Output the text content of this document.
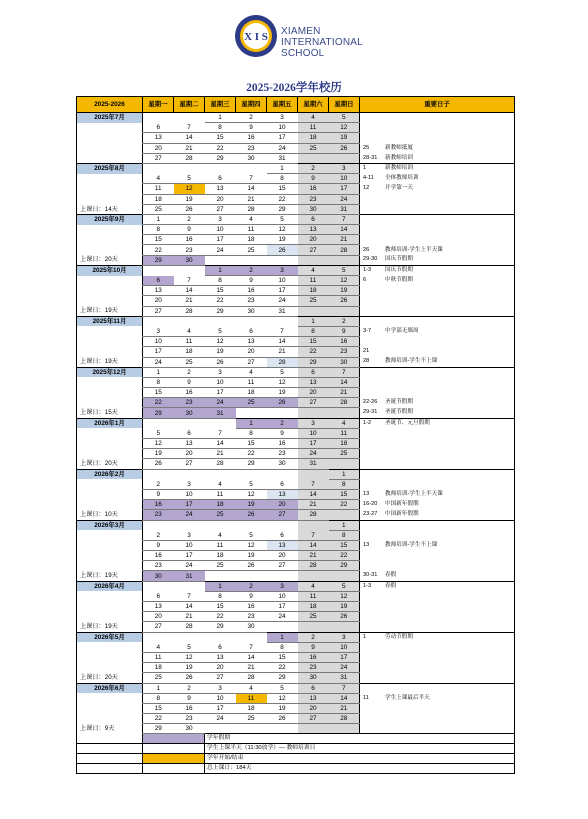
X I S XIAMEN
INTERNATIONAL
SCHOOL
2025-2026学年校历
2025-2026	星期一	星期二	星期三	星期四	星期五	星期六	星期日	重要日子
2025年7月			1	2	3	4	5	
	6	7	8	9	10	11	12	
	13	14	15	16	17	18	19	
	20	21	22	23	24	25	26	25 新教师抵厦
	27	28	29	30	31			28-31 新教师培训
2025年8月					1	2	3	1 新教师培训
	4	5	6	7	8	9	10	4-11 全体教师培训
	11	12	13	14	15	16	17	12 开学第一天
	18	19	20	21	22	23	24	
上课日：14天	25	26	27	28	29	30	31	
2025年9月	1	2	3	4	5	6	7	
	8	9	10	11	12	13	14	
	15	16	17	18	19	20	21	
	22	23	24	25	26	27	28	26 教师培训-学生上半天课
上课日：20天	29	30						29-30 国庆节假期
2025年10月			1	2	3	4	5	1-3 国庆节假期
	6	7	8	9	10	11	12	6 中秋节假期
	13	14	15	16	17	18	19	
	20	21	22	23	24	25	26	
上课日：19天	27	28	29	30	31			
2025年11月						1	2	
	3	4	5	6	7	8	9	3-7 中学部无墙周
	10	11	12	13	14	15	16	
	17	18	19	20	21	22	23	21
上课日：19天	24	25	26	27	28	29	30	28 教师培训-学生不上课
2025年12月	1	2	3	4	5	6	7	
	8	9	10	11	12	13	14	
	15	16	17	18	19	20	21	
	22	23	24	25	26	27	28	22-26 圣诞节假期
上课日：15天	29	30	31					29-31 圣诞节假期
2026年1月				1	2	3	4	1-2 圣诞节、元旦假期
	5	6	7	8	9	10	11	
	12	13	14	15	16	17	18	
	19	20	21	22	23	24	25	
上课日：20天	26	27	28	29	30	31		
2026年2月							1	
	2	3	4	5	6	7	8	
	9	10	11	12	13	14	15	13 教师培训-学生上半天课
	16	17	18	19	20	21	22	16-20 中国新年假期
上课日：10天	23	24	25	26	27	28		23-27 中国新年假期
2026年3月							1	
	2	3	4	5	6	7	8	
	9	10	11	12	13	14	15	13 教师培训-学生不上课
	16	17	18	19	20	21	22	
	23	24	25	26	27	28	29	
上课日：19天	30	31						30-31 春假
2026年4月			1	2	3	4	5	1-3 春假
	6	7	8	9	10	11	12	
	13	14	15	16	17	18	19	
	20	21	22	23	24	25	26	
上课日：19天	27	28	29	30				
2026年5月					1	2	3	1 劳动节假期
	4	5	6	7	8	9	10	
	11	12	13	14	15	16	17	
	18	19	20	21	22	23	24	
上课日：20天	25	26	27	28	29	30	31	
2026年6月	1	2	3	4	5	6	7	
	8	9	10	11	12	13	14	11 学生上课最后半天
	15	16	17	18	19	20	21	
	22	23	24	25	26	27	28	
上课日：9天	29	30						
			学年假期					
			学生上课半天（11:30放学）— 教师培训日					
			学年开始/结束					
			总上课日：184天					
